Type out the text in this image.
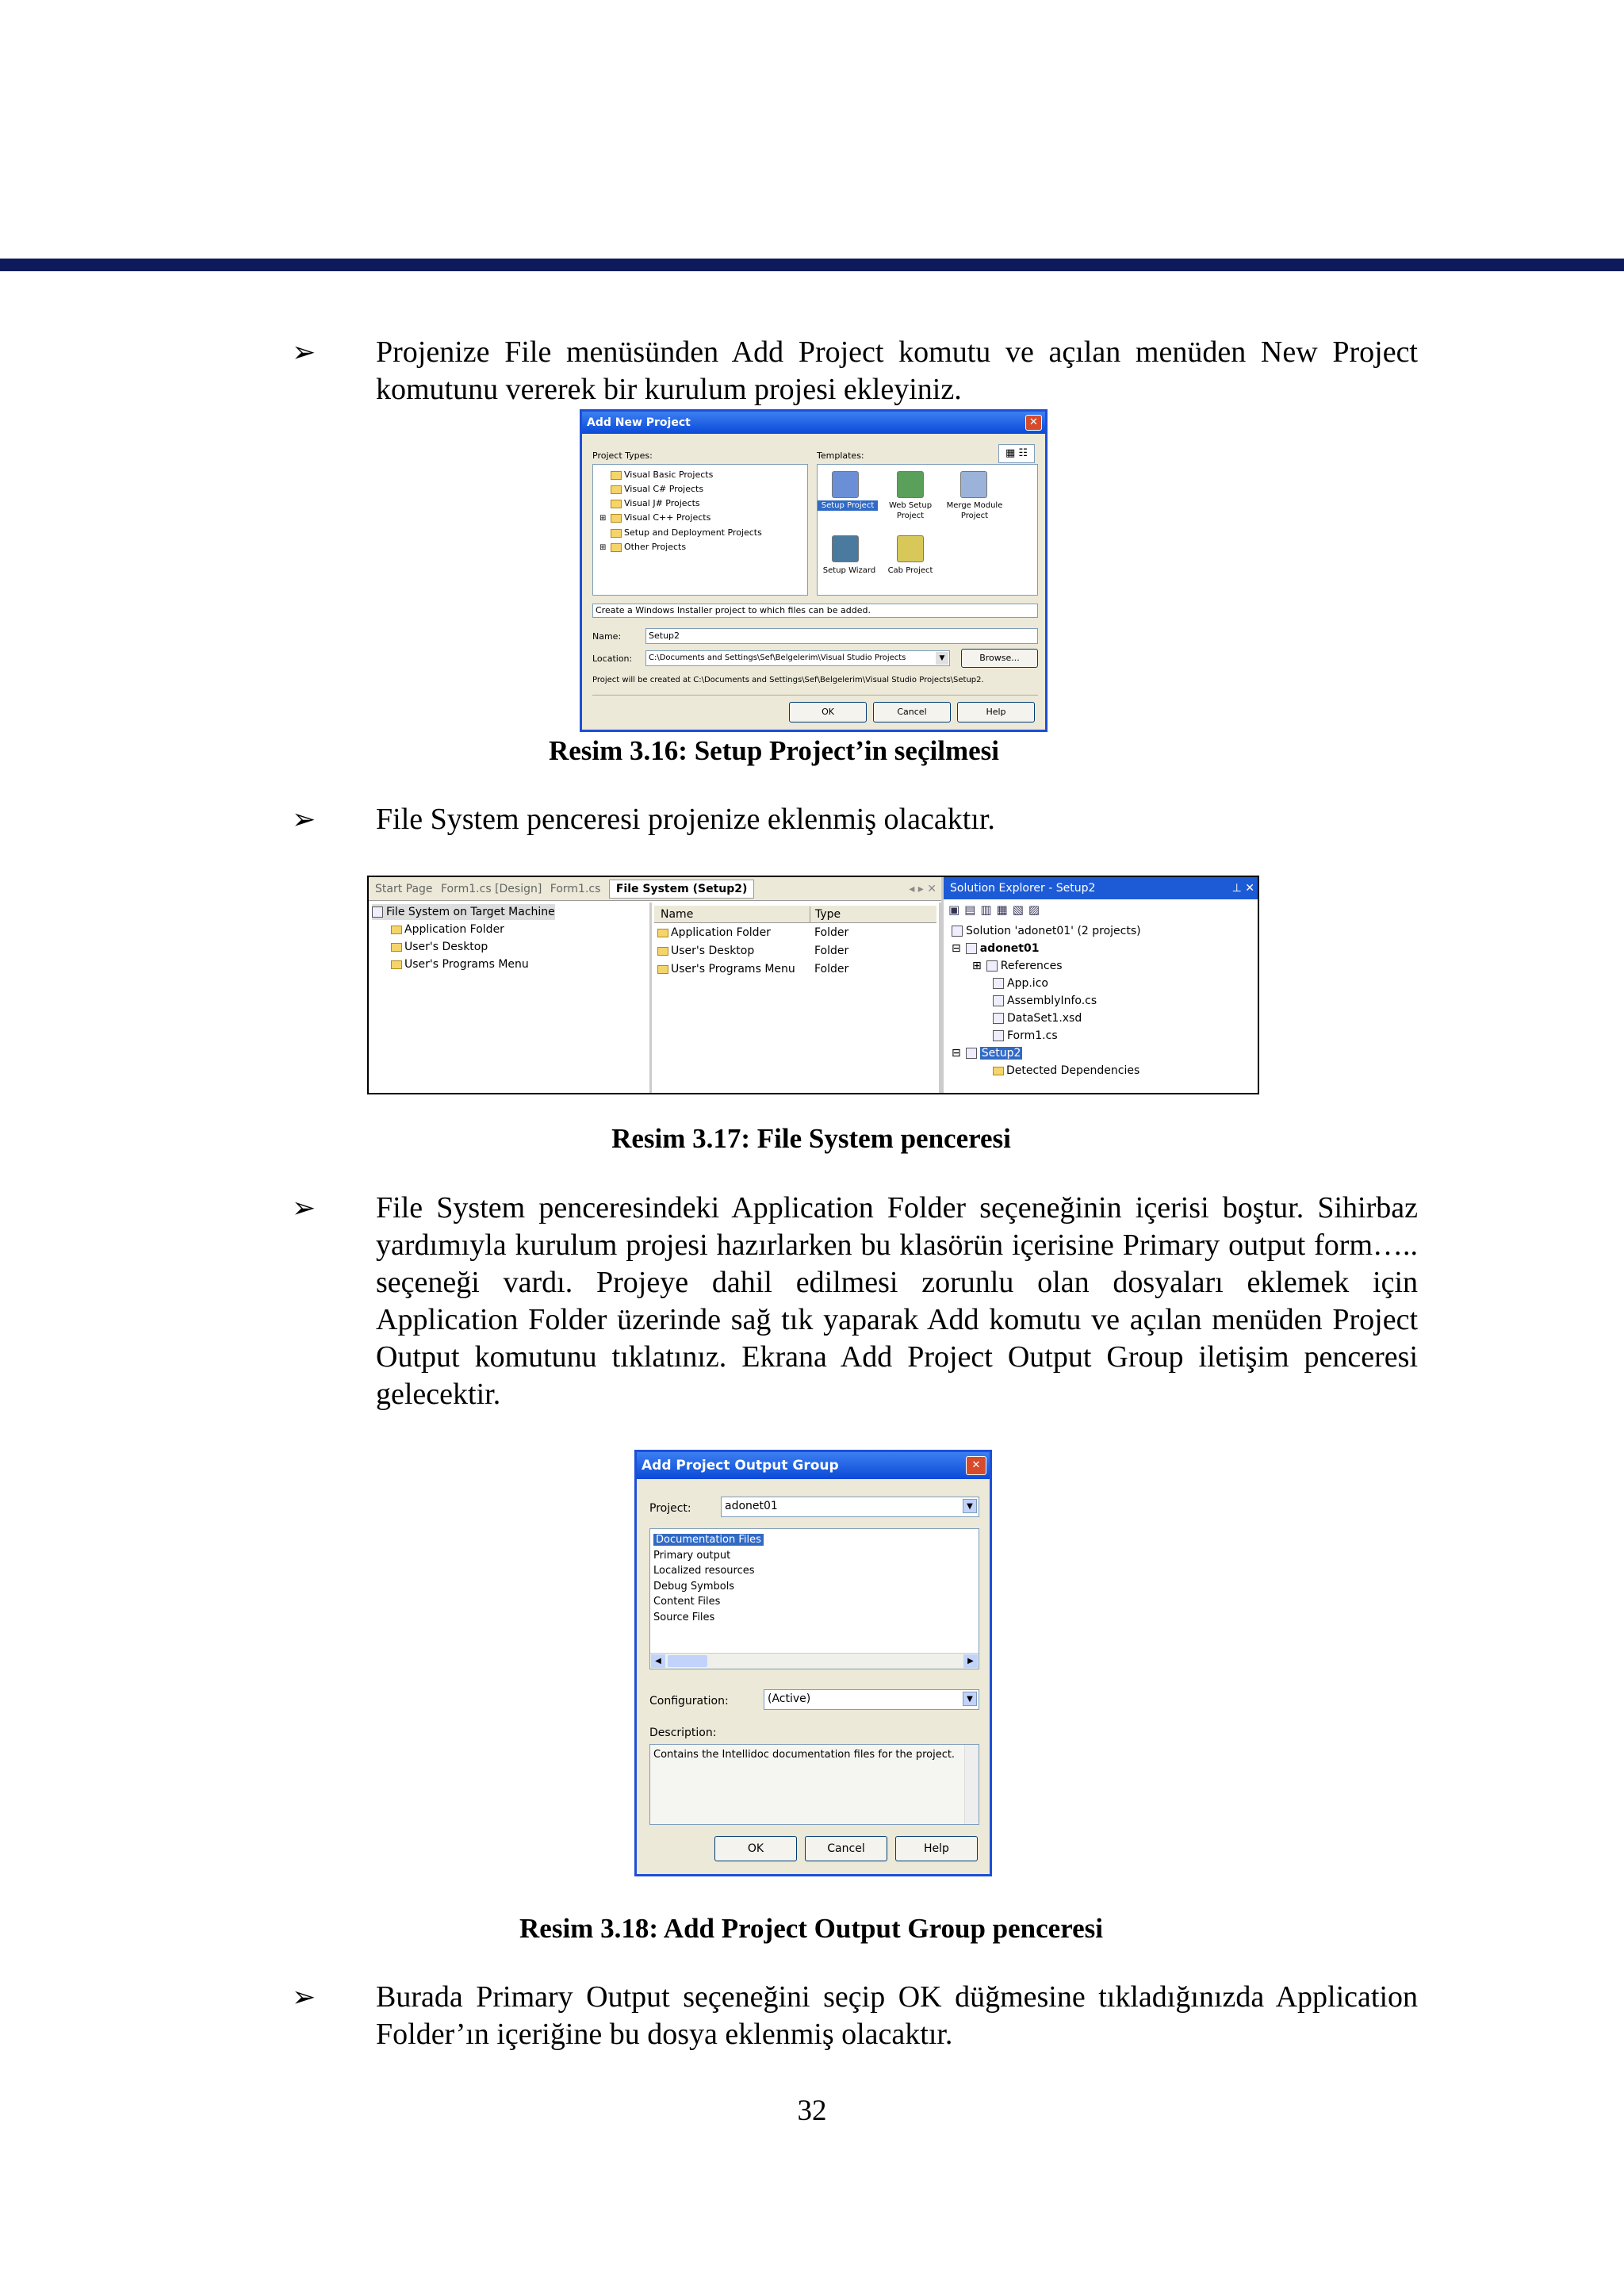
➢ Projenize File menüsünden Add Project komutu ve açılan menüden New Project komutunu vererek bir kurulum projesi ekleyiniz.
Add New Project	✕
Project Types:	Templates:	▦ ☷
Visual Basic Projects
Visual C# Projects
Visual J# Projects
⊞ Visual C++ Projects
Setup and Deployment Projects
⊞ Other Projects
Setup Project	Web Setup Project
Merge Module Project
Setup Wizard	Cab Project
Create a Windows Installer project to which files can be added.
Name:	Setup2
Location:	C:\Documents and Settings\Sef\Belgelerim\Visual Studio Projects	▼	Browse...
Project will be created at C:\Documents and Settings\Sef\Belgelerim\Visual Studio Projects\Setup2.
OK	Cancel	Help
Resim 3.16: Setup Project’in seçilmesi
➢ File System penceresi projenize eklenmiş olacaktır.
Start Page Form1.cs [Design] Form1.cs File System (Setup2)	◂ ▸ ✕
File System on Target Machine
Application Folder
User's Desktop
User's Programs Menu
Name	Type
Application Folder	Folder
User's Desktop	Folder
User's Programs Menu Folder
Solution Explorer - Setup2	⊥ ✕
▣▤▥▦▧▨
Solution 'adonet01' (2 projects)
⊟ adonet01
⊞ References
App.ico
AssemblyInfo.cs
DataSet1.xsd
Form1.cs
⊟ Setup2
Detected Dependencies
Resim 3.17: File System penceresi
➢ File System penceresindeki Application Folder seçeneğinin içerisi boştur. Sihirbaz yardımıyla kurulum projesi hazırlarken bu klasörün içerisine Primary output form….. seçeneği vardı. Projeye dahil edilmesi zorunlu olan dosyaları eklemek için Application Folder üzerinde sağ tık yaparak Add komutu ve açılan menüden Project Output komutunu tıklatınız. Ekrana Add Project Output Group iletişim penceresi gelecektir.
Add Project Output Group	✕
Project:	adonet01	▼
Documentation Files
Primary output
Localized resources
Debug Symbols
Content Files
Source Files
◀	▶
Configuration:	(Active)	▼
Description:
Contains the Intellidoc documentation files for the project.
OK	Cancel	Help
Resim 3.18: Add Project Output Group penceresi
➢ Burada Primary Output seçeneğini seçip OK düğmesine tıkladığınızda Application Folder’ın içeriğine bu dosya eklenmiş olacaktır.
32
